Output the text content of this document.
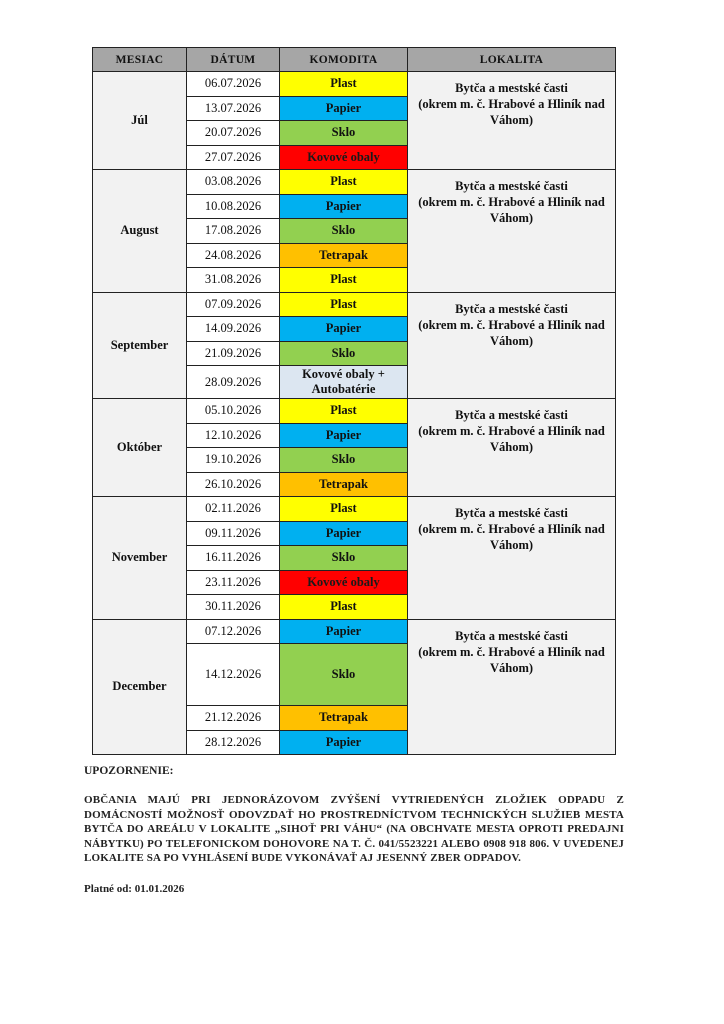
MESIAC	DÁTUM	KOMODITA	LOKALITA
Júl	06.07.2026	Plast	Bytča a mestské časti
(okrem m. č. Hrabové a Hliník nad
Váhom)

	13.07.2026	Papier	
	20.07.2026	Sklo	
	27.07.2026	Kovové obaly	
August	03.08.2026	Plast	Bytča a mestské časti
(okrem m. č. Hrabové a Hliník nad
Váhom)

	10.08.2026	Papier	
	17.08.2026	Sklo	
	24.08.2026	Tetrapak	
	31.08.2026	Plast	
September	07.09.2026	Plast	Bytča a mestské časti
(okrem m. č. Hrabové a Hliník nad
Váhom)

	14.09.2026	Papier	
	21.09.2026	Sklo	
	28.09.2026	Kovové obaly + Autobatérie	
Október	05.10.2026	Plast	Bytča a mestské časti
(okrem m. č. Hrabové a Hliník nad
Váhom)

	12.10.2026	Papier	
	19.10.2026	Sklo	
	26.10.2026	Tetrapak	
November	02.11.2026	Plast	Bytča a mestské časti
(okrem m. č. Hrabové a Hliník nad
Váhom)

	09.11.2026	Papier	
	16.11.2026	Sklo	
	23.11.2026	Kovové obaly	
	30.11.2026	Plast	
December	07.12.2026	Papier	Bytča a mestské časti
(okrem m. č. Hrabové a Hliník nad
Váhom)

	14.12.2026	Sklo	
	21.12.2026	Tetrapak	
	28.12.2026	Papier	

UPOZORNENIE:

OBČANIA MAJÚ PRI JEDNORÁZOVOM ZVÝŠENÍ VYTRIEDENÝCH ZLOŽIEK ODPADU Z DOMÁCNOSTÍ MOŽNOSŤ ODOVZDAŤ HO PROSTREDNÍCTVOM TECHNICKÝCH SLUŽIEB MESTA BYTČA DO AREÁLU V LOKALITE „SIHOŤ PRI VÁHU“ (NA OBCHVATE MESTA OPROTI PREDAJNI NÁBYTKU) PO TELEFONICKOM DOHOVORE NA T. Č. 041/5523221 ALEBO 0908 918 806. V UVEDENEJ LOKALITE SA PO VYHLÁSENÍ BUDE VYKONÁVAŤ AJ JESENNÝ ZBER ODPADOV.

Platné od: 01.01.2026
